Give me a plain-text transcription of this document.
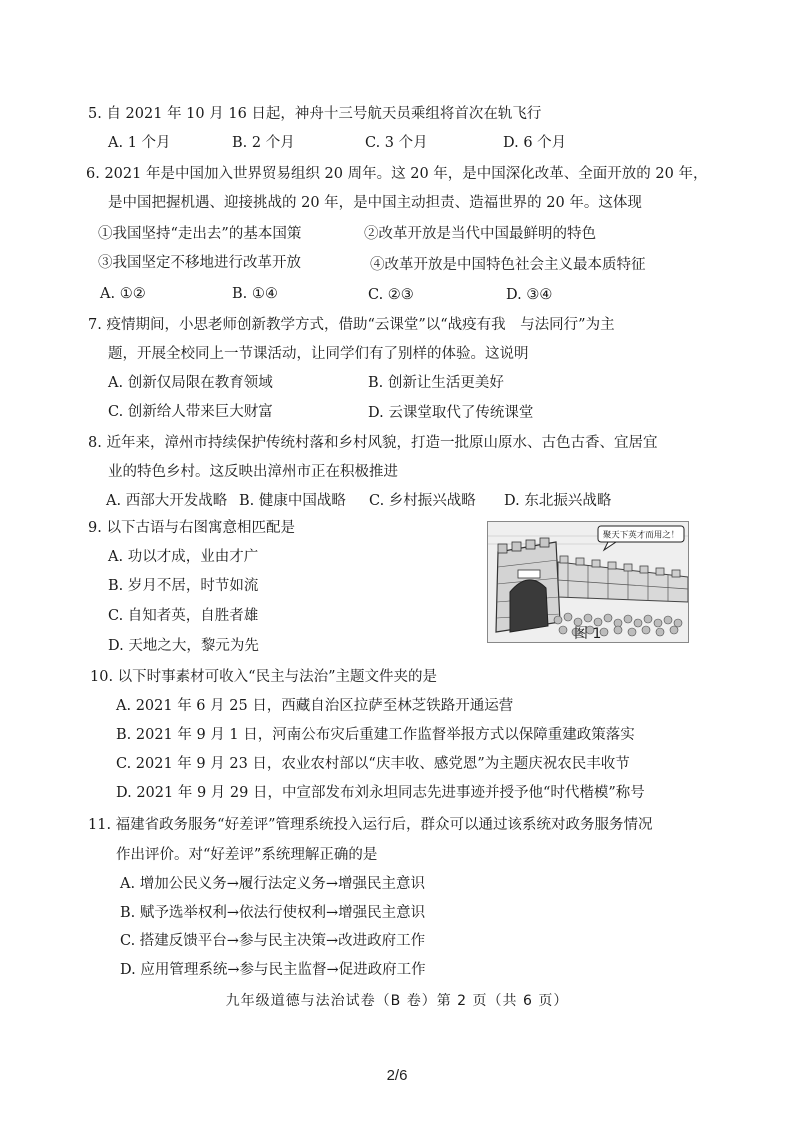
5. 自 2021 年 10 月 16 日起，神舟十三号航天员乘组将首次在轨飞行
A. 1 个月	B. 2 个月	C. 3 个月	D. 6 个月
6. 2021 年是中国加入世界贸易组织 20 周年。这 20 年，是中国深化改革、全面开放的 20 年，
是中国把握机遇、迎接挑战的 20 年，是中国主动担责、造福世界的 20 年。这体现
①我国坚持“走出去”的基本国策	②改革开放是当代中国最鲜明的特色
③我国坚定不移地进行改革开放	④改革开放是中国特色社会主义最本质特征
A. ①②	B. ①④	C. ②③	D. ③④
7. 疫情期间，小思老师创新教学方式，借助“云课堂”以“战疫有我　与法同行”为主
题，开展全校同上一节课活动，让同学们有了别样的体验。这说明
A. 创新仅局限在教育领域	B. 创新让生活更美好
C. 创新给人带来巨大财富	D. 云课堂取代了传统课堂
8. 近年来，漳州市持续保护传统村落和乡村风貌，打造一批原山原水、古色古香、宜居宜
业的特色乡村。这反映出漳州市正在积极推进
A. 西部大开发战略 B. 健康中国战略 C. 乡村振兴战略 D. 东北振兴战略
9. 以下古语与右图寓意相匹配是
A. 功以才成，业由才广
B. 岁月不居，时节如流
C. 自知者英，自胜者雄
D. 天地之大，黎元为先
聚天下英才而用之！
图 1
10. 以下时事素材可收入“民主与法治”主题文件夹的是
A. 2021 年 6 月 25 日，西藏自治区拉萨至林芝铁路开通运营
B. 2021 年 9 月 1 日，河南公布灾后重建工作监督举报方式以保障重建政策落实
C. 2021 年 9 月 23 日，农业农村部以“庆丰收、感党恩”为主题庆祝农民丰收节
D. 2021 年 9 月 29 日，中宣部发布刘永坦同志先进事迹并授予他“时代楷模”称号
11. 福建省政务服务“好差评”管理系统投入运行后，群众可以通过该系统对政务服务情况
作出评价。对“好差评”系统理解正确的是
A. 增加公民义务→履行法定义务→增强民主意识
B. 赋予选举权利→依法行使权利→增强民主意识
C. 搭建反馈平台→参与民主决策→改进政府工作
D. 应用管理系统→参与民主监督→促进政府工作
九年级道德与法治试卷（B 卷）第 2 页（共 6 页）
2/6
